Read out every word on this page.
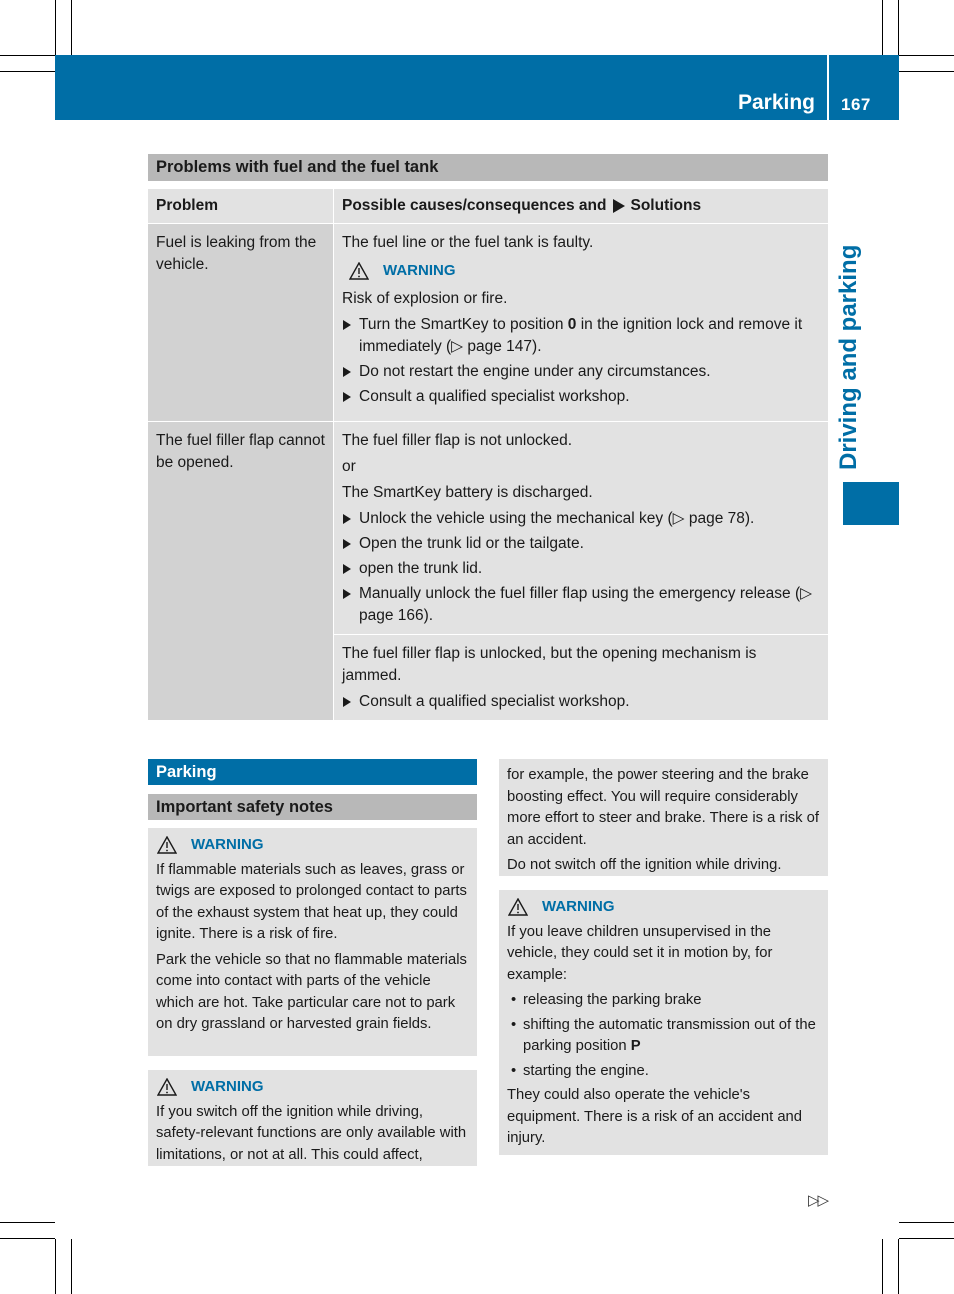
Parking 167
Driving and parking
Problems with fuel and the fuel tank
Problem	Possible causes/consequences and Solutions

Fuel is leaking from the vehicle.

The fuel line or the fuel tank is faulty.

WARNING

Risk of explosion or fire.

Turn the SmartKey to position 0 in the ignition lock and remove it immediately (▷ page 147).
Do not restart the engine under any circumstances.
Consult a qualified specialist workshop.

The fuel filler flap cannot be opened.

The fuel filler flap is not unlocked.

or

The SmartKey battery is discharged.

Unlock the vehicle using the mechanical key (▷ page 78).
Open the trunk lid or the tailgate.
open the trunk lid.
Manually unlock the fuel filler flap using the emergency release (▷ page 166).

The fuel filler flap is unlocked, but the opening mechanism is jammed.

Consult a qualified specialist workshop.
Parking
Important safety notes
WARNING

If flammable materials such as leaves, grass or twigs are exposed to prolonged contact to parts of the exhaust system that heat up, they could ignite. There is a risk of fire.

Park the vehicle so that no flammable materials come into contact with parts of the vehicle which are hot. Take particular care not to park on dry grassland or harvested grain fields.

WARNING

If you switch off the ignition while driving, safety-relevant functions are only available with limitations, or not at all. This could affect,

for example, the power steering and the brake boosting effect. You will require considerably more effort to steer and brake. There is a risk of an accident.

Do not switch off the ignition while driving.

WARNING

If you leave children unsupervised in the vehicle, they could set it in motion by, for example:

• releasing the parking brake
• shifting the automatic transmission out of the parking position P
• starting the engine.

They could also operate the vehicle's equipment. There is a risk of an accident and injury.

▷▷
